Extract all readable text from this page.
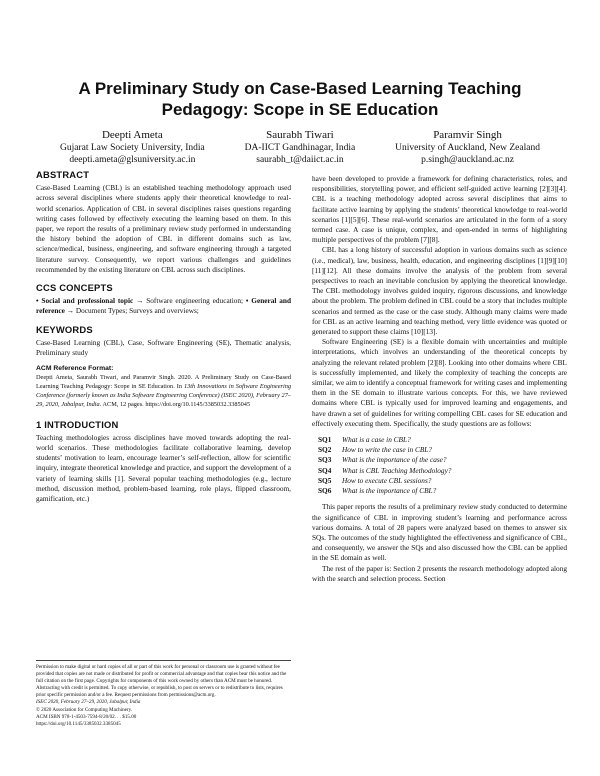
A Preliminary Study on Case-Based Learning Teaching
Pedagogy: Scope in SE Education
Deepti Ameta
Gujarat Law Society University, India
deepti.ameta@glsuniversity.ac.in
Saurabh Tiwari
DA-IICT Gandhinagar, India
saurabh_t@daiict.ac.in
Paramvir Singh
University of Auckland, New Zealand
p.singh@auckland.ac.nz
ABSTRACT

Case-Based Learning (CBL) is an established teaching methodology approach used across several disciplines where students apply their theoretical knowledge to real-world scenarios. Application of CBL in several disciplines raises questions regarding writing cases followed by effectively executing the learning based on them. In this paper, we report the results of a preliminary review study performed in understanding the history behind the adoption of CBL in different domains such as law, science/medical, business, engineering, and software engineering through a targeted literature survey. Consequently, we report various challenges and guidelines recommended by the existing literature on CBL across such disciplines.

CCS CONCEPTS

• Social and professional topic → Software engineering education; • General and reference → Document Types; Surveys and overviews;

KEYWORDS

Case-Based Learning (CBL), Case, Software Engineering (SE), Thematic analysis, Preliminary study

ACM Reference Format:
Deepti Ameta, Saurabh Tiwari, and Paramvir Singh. 2020. A Preliminary Study on Case-Based Learning Teaching Pedagogy: Scope in SE Education. In 13th Innovations in Software Engineering Conference (formerly known as India Software Engineering Conference) (ISEC 2020), February 27–29, 2020, Jabalpur, India. ACM, 12 pages. https://doi.org/10.1145/3385032.3385045
1 INTRODUCTION

Teaching methodologies across disciplines have moved towards adopting the real-world scenarios. These methodologies facilitate collaborative learning, develop students’ motivation to learn, encourage learner’s self-reflection, allow for scientific inquiry, integrate theoretical knowledge and practice, and support the development of a variety of learning skills [1]. Several popular teaching methodologies (e.g., lecture method, discussion method, problem-based learning, role plays, flipped classroom, gamification, etc.)

Permission to make digital or hard copies of all or part of this work for personal or classroom use is granted without fee provided that copies are not made or distributed for profit or commercial advantage and that copies bear this notice and the full citation on the first page. Copyrights for components of this work owned by others than ACM must be honored. Abstracting with credit is permitted. To copy otherwise, or republish, to post on servers or to redistribute to lists, requires prior specific permission and/or a fee. Request permissions from permissions@acm.org.
ISEC 2020, February 27–29, 2020, Jabalpur, India
© 2020 Association for Computing Machinery.
ACM ISBN 978-1-4503-7594-8/20/02. . . $15.00
https://doi.org/10.1145/3385032.3385045

have been developed to provide a framework for defining characteristics, roles, and responsibilities, storytelling power, and efficient self-guided active learning [2][3][4]. CBL is a teaching methodology adopted across several disciplines that aims to facilitate active learning by applying the students’ theoretical knowledge to real-world scenarios [1][5][6]. These real-world scenarios are articulated in the form of a story termed case. A case is unique, complex, and open-ended in terms of highlighting multiple perspectives of the problem [7][8].

CBL has a long history of successful adoption in various domains such as science (i.e., medical), law, business, health, education, and engineering disciplines [1][9][10][11][12]. All these domains involve the analysis of the problem from several perspectives to reach an inevitable conclusion by applying the theoretical knowledge. The CBL methodology involves guided inquiry, rigorous discussions, and knowledge about the problem. The problem defined in CBL could be a story that includes multiple scenarios and termed as the case or the case study. Although many claims were made for CBL as an active learning and teaching method, very little evidence was quoted or generated to support these claims [10][13].

Software Engineering (SE) is a flexible domain with uncertainties and multiple interpretations, which involves an understanding of the theoretical concepts by analyzing the relevant related problem [2][8]. Looking into other domains where CBL is successfully implemented, and likely the complexity of teaching the concepts are similar, we aim to identify a conceptual framework for writing cases and implementing them in the SE domain to illustrate various concepts. For this, we have reviewed domains where CBL is typically used for improved learning and engagements, and have drawn a set of guidelines for writing compelling CBL cases for SE education and effectively executing them. Specifically, the study questions are as follows:

SQ1 What is a case in CBL?
SQ2 How to write the case in CBL?
SQ3 What is the importance of the case?
SQ4 What is CBL Teaching Methodology?
SQ5 How to execute CBL sessions?
SQ6 What is the importance of CBL?

This paper reports the results of a preliminary review study conducted to determine the significance of CBL in improving student’s learning and performance across various domains. A total of 28 papers were analyzed based on themes to answer six SQs. The outcomes of the study highlighted the effectiveness and significance of CBL, and consequently, we answer the SQs and also discussed how the CBL can be applied in the SE domain as well.

The rest of the paper is: Section 2 presents the research methodology adopted along with the search and selection process. Section
